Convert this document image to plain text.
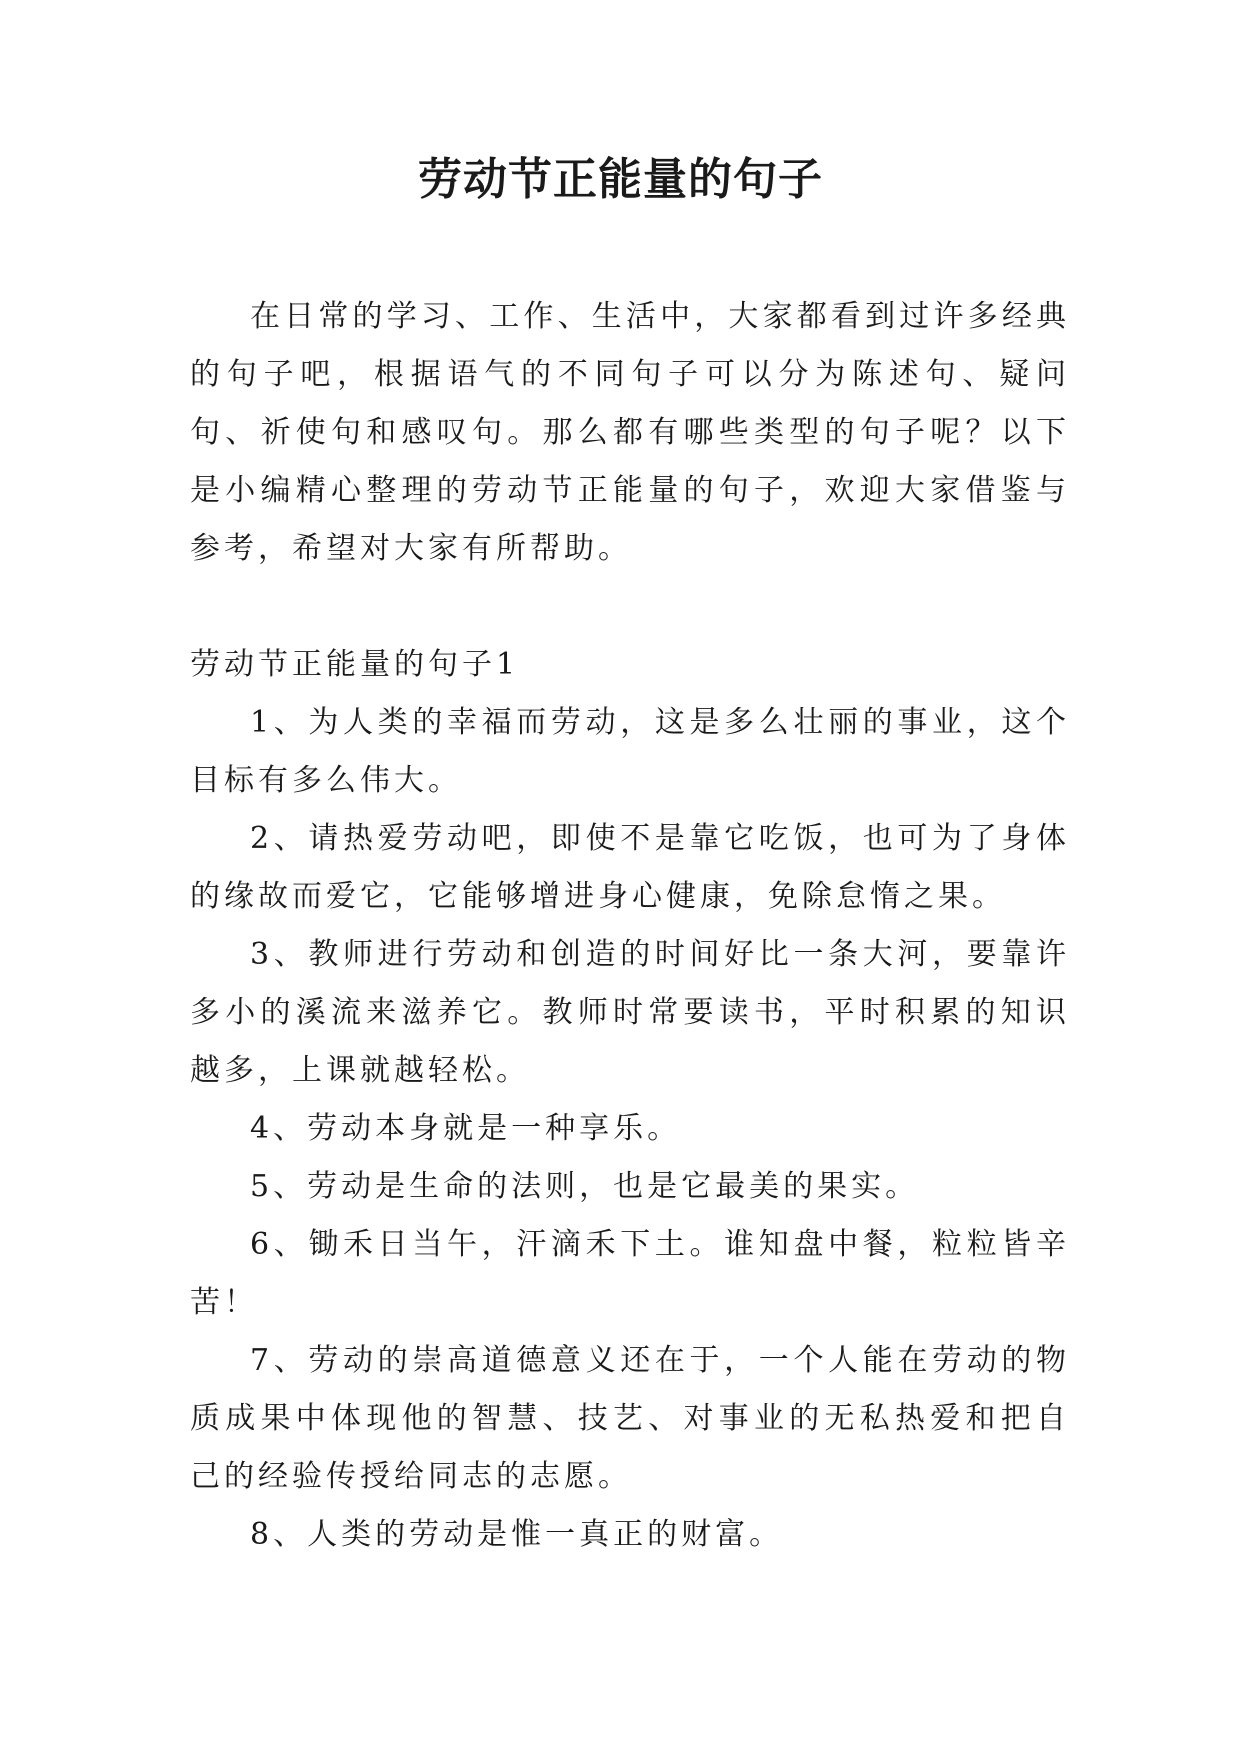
劳动节正能量的句子

在日常的学习、工作、生活中，大家都看到过许多经典的句子吧，根据语气的不同句子可以分为陈述句、疑问句、祈使句和感叹句。那么都有哪些类型的句子呢？以下是小编精心整理的劳动节正能量的句子，欢迎大家借鉴与参考，希望对大家有所帮助。

劳动节正能量的句子1

1、为人类的幸福而劳动，这是多么壮丽的事业，这个目标有多么伟大。

2、请热爱劳动吧，即使不是靠它吃饭，也可为了身体的缘故而爱它，它能够增进身心健康，免除怠惰之果。

3、教师进行劳动和创造的时间好比一条大河，要靠许多小的溪流来滋养它。教师时常要读书，平时积累的知识越多，上课就越轻松。

4、劳动本身就是一种享乐。

5、劳动是生命的法则，也是它最美的果实。

6、锄禾日当午，汗滴禾下土。谁知盘中餐，粒粒皆辛苦！

7、劳动的崇高道德意义还在于，一个人能在劳动的物质成果中体现他的智慧、技艺、对事业的无私热爱和把自己的经验传授给同志的志愿。

8、人类的劳动是惟一真正的财富。
